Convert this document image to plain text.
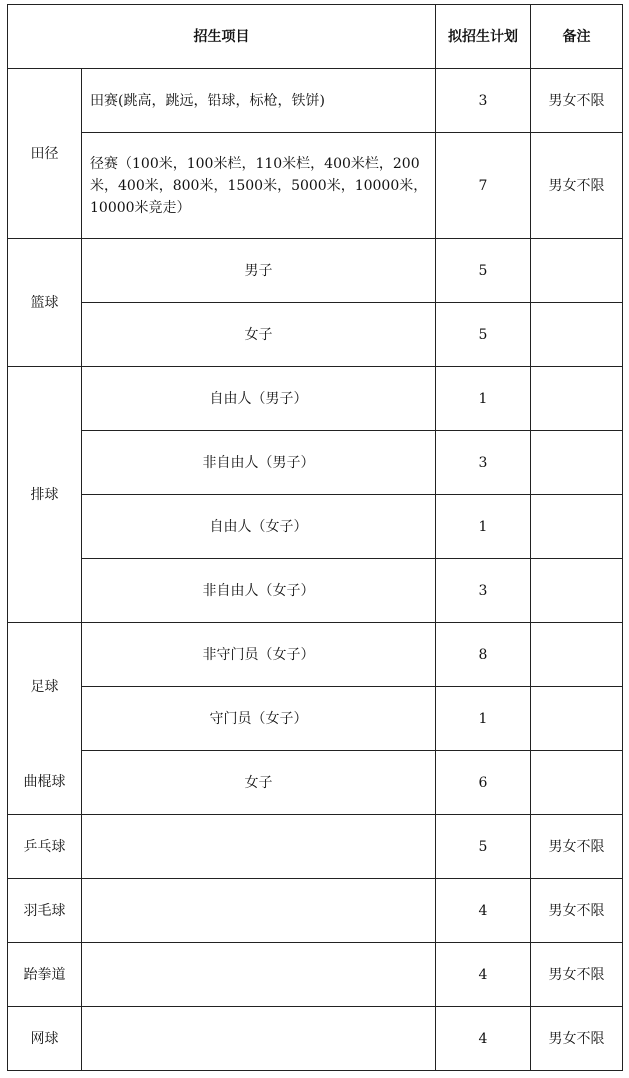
招生项目	拟招生计划	备注
田径
篮球
排球
足球
曲棍球
乒乓球
羽毛球
跆拳道
网球
田赛(跳高，跳远，铅球，标枪，铁饼)
径赛（100米，100米栏，110米栏，400米栏，200米，400米，800米，1500米，5000米，10000米，10000米竞走）
男子
女子
自由人（男子）
非自由人（男子）
自由人（女子）
非自由人（女子）
非守门员（女子）
守门员（女子）
女子
3
7
5
5
1
3
1
3
8
1
6
5
4
4
4
男女不限
男女不限
男女不限
男女不限
男女不限
男女不限
